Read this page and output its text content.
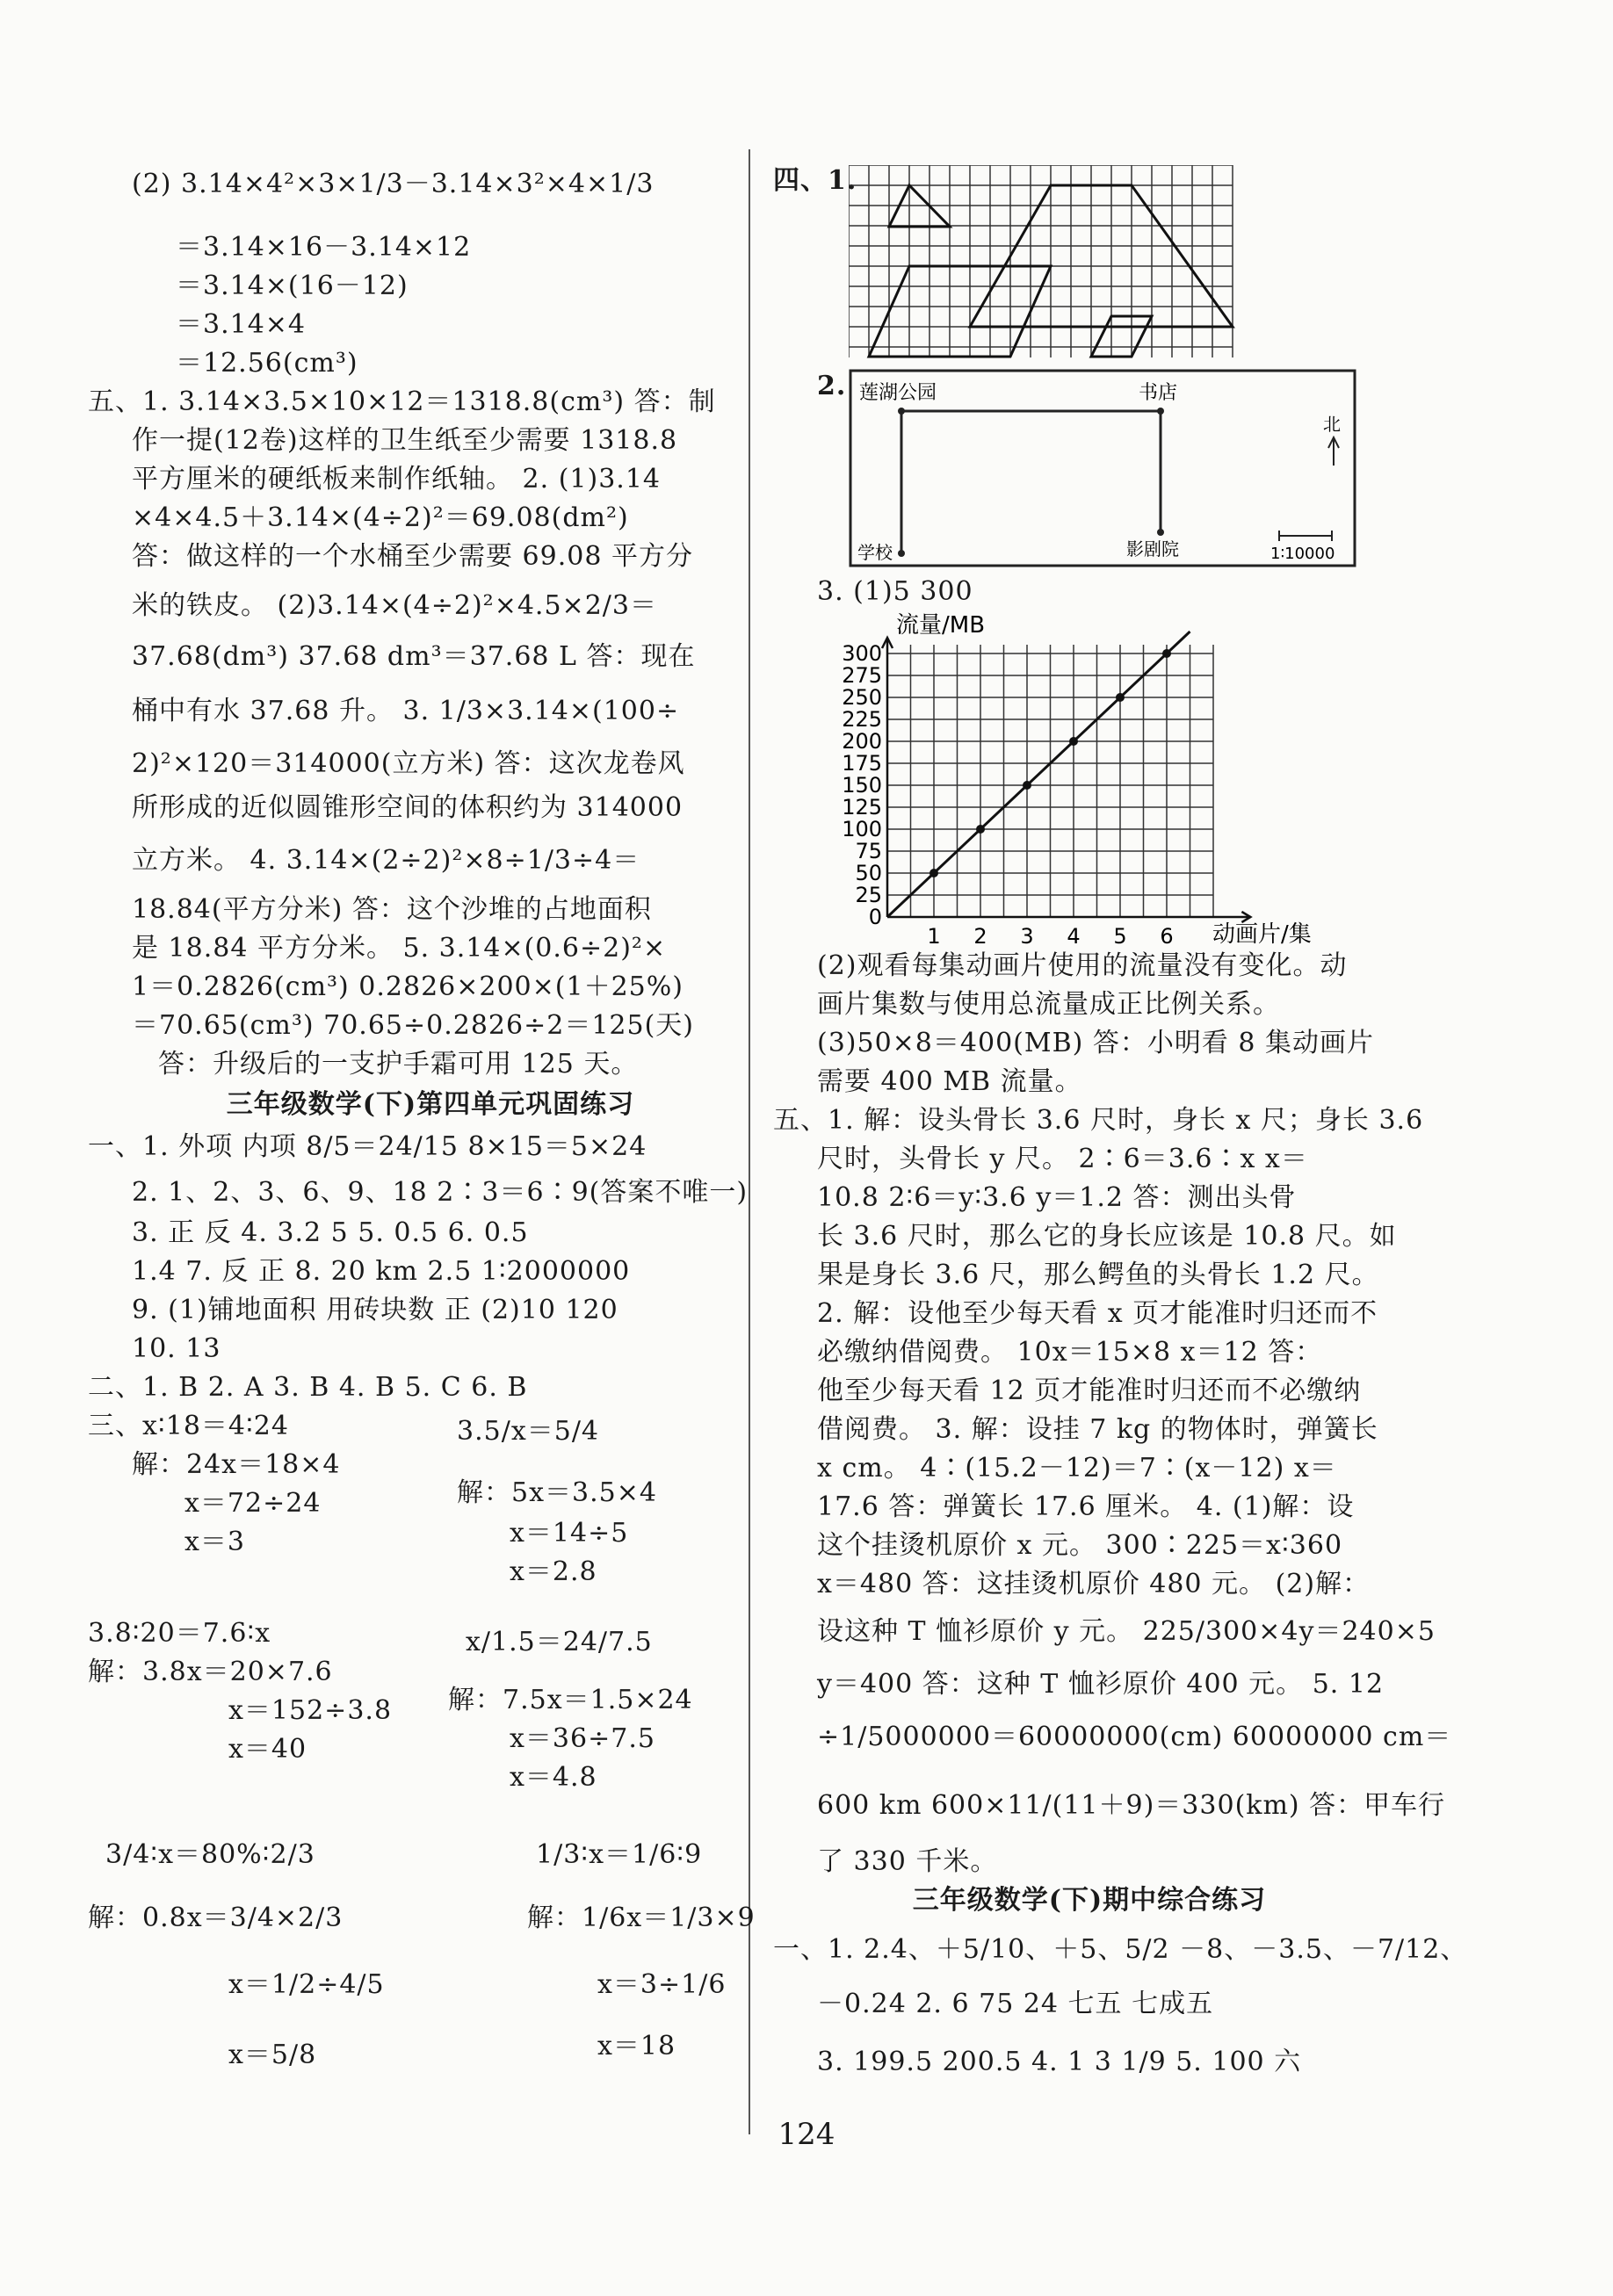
(2) 3.14×4²×3×1/3－3.14×3²×4×1/3
＝3.14×16－3.14×12
＝3.14×(16－12)
＝3.14×4
＝12.56(cm³)
五、1. 3.14×3.5×10×12＝1318.8(cm³) 答：制
作一提(12卷)这样的卫生纸至少需要 1318.8
平方厘米的硬纸板来制作纸轴。 2. (1)3.14
×4×4.5＋3.14×(4÷2)²＝69.08(dm²)
答：做这样的一个水桶至少需要 69.08 平方分
米的铁皮。 (2)3.14×(4÷2)²×4.5×2/3＝
37.68(dm³) 37.68 dm³＝37.68 L 答：现在
桶中有水 37.68 升。 3. 1/3×3.14×(100÷
2)²×120＝314000(立方米) 答：这次龙卷风
所形成的近似圆锥形空间的体积约为 314000
立方米。 4. 3.14×(2÷2)²×8÷1/3÷4＝
18.84(平方分米) 答：这个沙堆的占地面积
是 18.84 平方分米。 5. 3.14×(0.6÷2)²×
1＝0.2826(cm³) 0.2826×200×(1＋25%)
＝70.65(cm³) 70.65÷0.2826÷2＝125(天)
答：升级后的一支护手霜可用 125 天。
三年级数学(下)第四单元巩固练习
一、1. 外项 内项 8/5＝24/15 8×15＝5×24
2. 1、2、3、6、9、18 2∶3＝6∶9(答案不唯一)
3. 正 反 4. 3.2 5 5. 0.5 6. 0.5
1.4 7. 反 正 8. 20 km 2.5 1∶2000000
9. (1)铺地面积 用砖块数 正 (2)10 120
10. 13
二、1. B 2. A 3. B 4. B 5. C 6. B
三、x∶18＝4∶24
解：24x＝18×4
x＝72÷24
x＝3
3.5/x＝5/4
解：5x＝3.5×4
x＝14÷5
x＝2.8
3.8∶20＝7.6∶x
解：3.8x＝20×7.6
x＝152÷3.8
x＝40
x/1.5＝24/7.5
解：7.5x＝1.5×24
x＝36÷7.5
x＝4.8
3/4∶x＝80%∶2/3
解：0.8x＝3/4×2/3
x＝1/2÷4/5
x＝5/8
1/3∶x＝1/6∶9
解：1/6x＝1/3×9
x＝3÷1/6
x＝18
四、1.
2. 莲湖公园	书店
学校	影剧院
北
1∶10000
3. (1)5 300
流量/MB
动画片/集
0
25
50
75
100
125
150
175
200
225
250
275
300
1 2 3 4 5 6
(2)观看每集动画片使用的流量没有变化。动
画片集数与使用总流量成正比例关系。
(3)50×8＝400(MB) 答：小明看 8 集动画片
需要 400 MB 流量。
五、1. 解：设头骨长 3.6 尺时，身长 x 尺；身长 3.6
尺时，头骨长 y 尺。 2∶6＝3.6∶x x＝
10.8 2∶6＝y∶3.6 y＝1.2 答：测出头骨
长 3.6 尺时，那么它的身长应该是 10.8 尺。如
果是身长 3.6 尺，那么鳄鱼的头骨长 1.2 尺。
2. 解：设他至少每天看 x 页才能准时归还而不
必缴纳借阅费。 10x＝15×8 x＝12 答：
他至少每天看 12 页才能准时归还而不必缴纳
借阅费。 3. 解：设挂 7 kg 的物体时，弹簧长
x cm。 4∶(15.2－12)＝7∶(x－12) x＝
17.6 答：弹簧长 17.6 厘米。 4. (1)解：设
这个挂烫机原价 x 元。 300∶225＝x∶360
x＝480 答：这挂烫机原价 480 元。 (2)解：
设这种 T 恤衫原价 y 元。 225/300×4y＝240×5
y＝400 答：这种 T 恤衫原价 400 元。 5. 12
÷1/5000000＝60000000(cm) 60000000 cm＝
600 km 600×11/(11＋9)＝330(km) 答：甲车行
了 330 千米。
三年级数学(下)期中综合练习
一、1. 2.4、＋5/10、＋5、5/2 －8、－3.5、－7/12、
－0.24 2. 6 75 24 七五 七成五
3. 199.5 200.5 4. 1 3 1/9 5. 100 六
124
